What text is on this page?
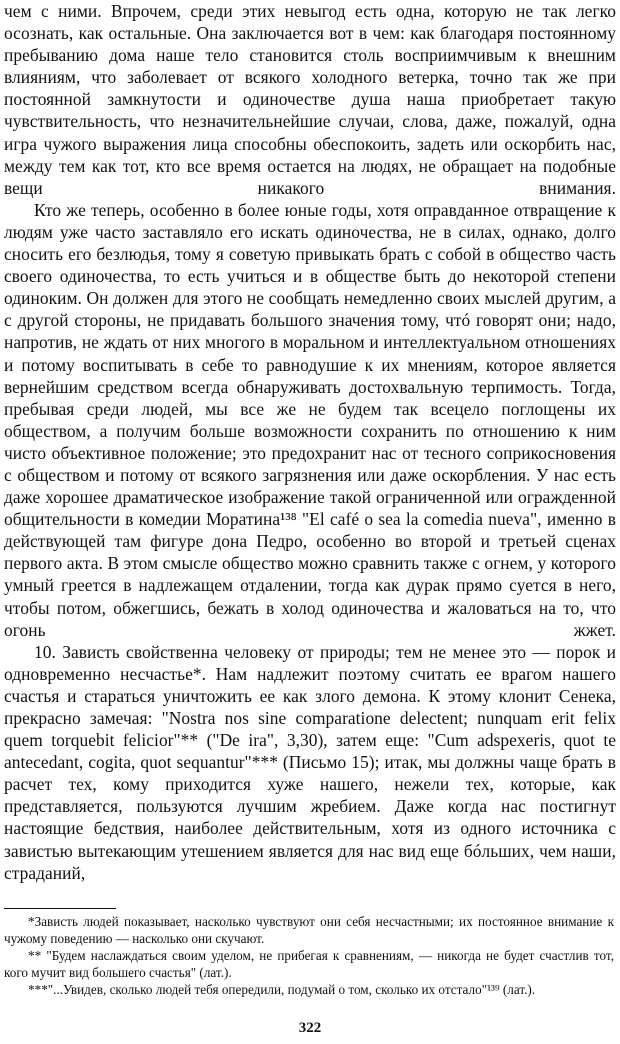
чем с ними. Впрочем, среди этих невыгод есть одна, которую не так легко осознать, как остальные. Она заключается вот в чем: как благодаря постоянному пребыванию дома наше тело становится столь восприимчивым к внешним влияниям, что заболевает от всякого холодного ветерка, точно так же при постоянной замкнутости и одиночестве душа наша приобретает такую чувствительность, что незначительнейшие случаи, слова, даже, пожалуй, одна игра чужого выражения лица способны обеспокоить, задеть или оскорбить нас, между тем как тот, кто все время остается на людях, не обращает на подобные вещи никакого внимания.

Кто же теперь, особенно в более юные годы, хотя оправданное отвращение к людям уже часто заставляло его искать одиночества, не в силах, однако, долго сносить его безлюдья, тому я советую привыкать брать с собой в общество часть своего одиночества, то есть учиться и в обществе быть до некоторой степени одиноким. Он должен для этого не сообщать немедленно своих мыслей другим, а с другой стороны, не придавать большого значения тому, чтó говорят они; надо, напротив, не ждать от них многого в моральном и интеллектуальном отношениях и потому воспитывать в себе то равнодушие к их мнениям, которое является вернейшим средством всегда обнаруживать достохвальную терпимость. Тогда, пребывая среди людей, мы все же не будем так всецело поглощены их обществом, а получим больше возможности сохранить по отношению к ним чисто объективное положение; это предохранит нас от тесного соприкосновения с обществом и потому от всякого загрязнения или даже оскорбления. У нас есть даже хорошее драматическое изображение такой ограниченной или огражденной общительности в комедии Моратина¹³⁸ "El café o sea la comedia nueva", именно в действующей там фигуре дона Педро, особенно во второй и третьей сценах первого акта. В этом смысле общество можно сравнить также с огнем, у которого умный греется в надлежащем отдалении, тогда как дурак прямо суется в него, чтобы потом, обжегшись, бежать в холод одиночества и жаловаться на то, что огонь жжет.

10. Зависть свойственна человеку от природы; тем не менее это — порок и одновременно несчастье*. Нам надлежит поэтому считать ее врагом нашего счастья и стараться уничтожить ее как злого демона. К этому клонит Сенека, прекрасно замечая: "Nostra nos sine comparatione delectent; nunquam erit felix quem torquebit felicior"** ("De ira", 3,30), затем еще: "Cum adspexeris, quot te antecedant, cogita, quot sequantur"*** (Письмо 15); итак, мы должны чаще брать в расчет тех, кому приходится хуже нашего, нежели тех, которые, как представляется, пользуются лучшим жребием. Даже когда нас постигнут настоящие бедствия, наиболее действительным, хотя из одного источника с завистью вытекающим утешением является для нас вид еще бóльших, чем наши, страданий,

*Зависть людей показывает, насколько чувствуют они себя несчастными; их постоянное внимание к чужому поведению — насколько они скучают.

** "Будем наслаждаться своим уделом, не прибегая к сравнениям, — никогда не будет счастлив тот, кого мучит вид большего счастья" (лат.).

***"...Увидев, сколько людей тебя опередили, подумай о том, сколько их отстало"¹³⁹ (лат.).

322
